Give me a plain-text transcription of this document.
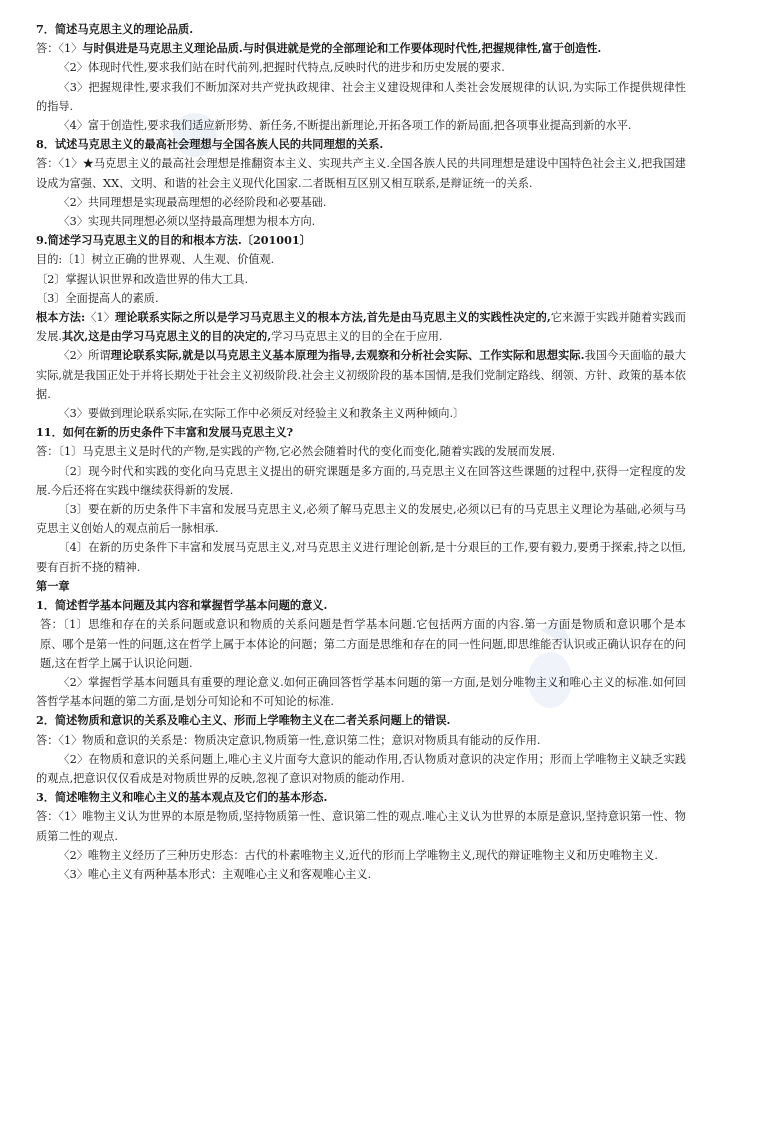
7．简述马克思主义的理论品质.

答：〈1〉与时俱进是马克思主义理论品质.与时俱进就是党的全部理论和工作要体现时代性,把握规律性,富于创造性.

〈2〉体现时代性,要求我们站在时代前列,把握时代特点,反映时代的进步和历史发展的要求.

〈3〉把握规律性,要求我们不断加深对共产党执政规律、社会主义建设规律和人类社会发展规律的认识,为实际工作提供规律性的指导.

〈4〉富于创造性,要求我们适应新形势、新任务,不断提出新理论,开拓各项工作的新局面,把各项事业提高到新的水平.

8．试述马克思主义的最高社会理想与全国各族人民的共同理想的关系.

答：〈1〉★马克思主义的最高社会理想是推翻资本主义、实现共产主义.全国各族人民的共同理想是建设中国特色社会主义,把我国建设成为富强、XX、文明、和谐的社会主义现代化国家.二者既相互区别又相互联系,是辩证统一的关系.

〈2〉共同理想是实现最高理想的必经阶段和必要基础.

〈3〉实现共同理想必须以坚持最高理想为根本方向.

9.简述学习马克思主义的目的和根本方法.〔201001〕

目的:〔1〕树立正确的世界观、人生观、价值观.

〔2〕掌握认识世界和改造世界的伟大工具.

〔3〕全面提高人的素质.

根本方法:〈1〉理论联系实际之所以是学习马克思主义的根本方法,首先是由马克思主义的实践性决定的,它来源于实践并随着实践而发展.其次,这是由学习马克思主义的目的决定的,学习马克思主义的目的全在于应用.

〈2〉所谓理论联系实际,就是以马克思主义基本原理为指导,去观察和分析社会实际、工作实际和思想实际.我国今天面临的最大实际,就是我国正处于并将长期处于社会主义初级阶段.社会主义初级阶段的基本国情,是我们党制定路线、纲领、方针、政策的基本依据.

〈3〉要做到理论联系实际,在实际工作中必须反对经验主义和教条主义两种倾向.〕

11．如何在新的历史条件下丰富和发展马克思主义?

答：〔1〕马克思主义是时代的产物,是实践的产物,它必然会随着时代的变化而变化,随着实践的发展而发展.

〔2〕现今时代和实践的变化向马克思主义提出的研究课题是多方面的,马克思主义在回答这些课题的过程中,获得一定程度的发展.今后还将在实践中继续获得新的发展.

〔3〕要在新的历史条件下丰富和发展马克思主义,必须了解马克思主义的发展史,必须以已有的马克思主义理论为基础,必须与马克思主义创始人的观点前后一脉相承.

〔4〕在新的历史条件下丰富和发展马克思主义,对马克思主义进行理论创新,是十分艰巨的工作,要有毅力,要勇于探索,持之以恒,要有百折不挠的精神.

第一章

1．简述哲学基本问题及其内容和掌握哲学基本问题的意义.

答：〔1〕思维和存在的关系问题或意识和物质的关系问题是哲学基本问题.它包括两方面的内容.第一方面是物质和意识哪个是本原、哪个是第一性的问题,这在哲学上属于本体论的问题；第二方面是思维和存在的同一性问题,即思维能否认识或正确认识存在的问题,这在哲学上属于认识论问题.

〈2〉掌握哲学基本问题具有重要的理论意义.如何正确回答哲学基本问题的第一方面,是划分唯物主义和唯心主义的标准.如何回答哲学基本问题的第二方面,是划分可知论和不可知论的标准.

2．简述物质和意识的关系及唯心主义、形而上学唯物主义在二者关系问题上的错误.

答：〈1〉物质和意识的关系是：物质决定意识,物质第一性,意识第二性；意识对物质具有能动的反作用.

〈2〉在物质和意识的关系问题上,唯心主义片面夸大意识的能动作用,否认物质对意识的决定作用；形而上学唯物主义缺乏实践的观点,把意识仅仅看成是对物质世界的反映,忽视了意识对物质的能动作用.

3．简述唯物主义和唯心主义的基本观点及它们的基本形态.

答：〈1〉唯物主义认为世界的本原是物质,坚持物质第一性、意识第二性的观点.唯心主义认为世界的本原是意识,坚持意识第一性、物质第二性的观点.

〈2〉唯物主义经历了三种历史形态：古代的朴素唯物主义,近代的形而上学唯物主义,现代的辩证唯物主义和历史唯物主义.

〈3〉唯心主义有两种基本形式：主观唯心主义和客观唯心主义.
